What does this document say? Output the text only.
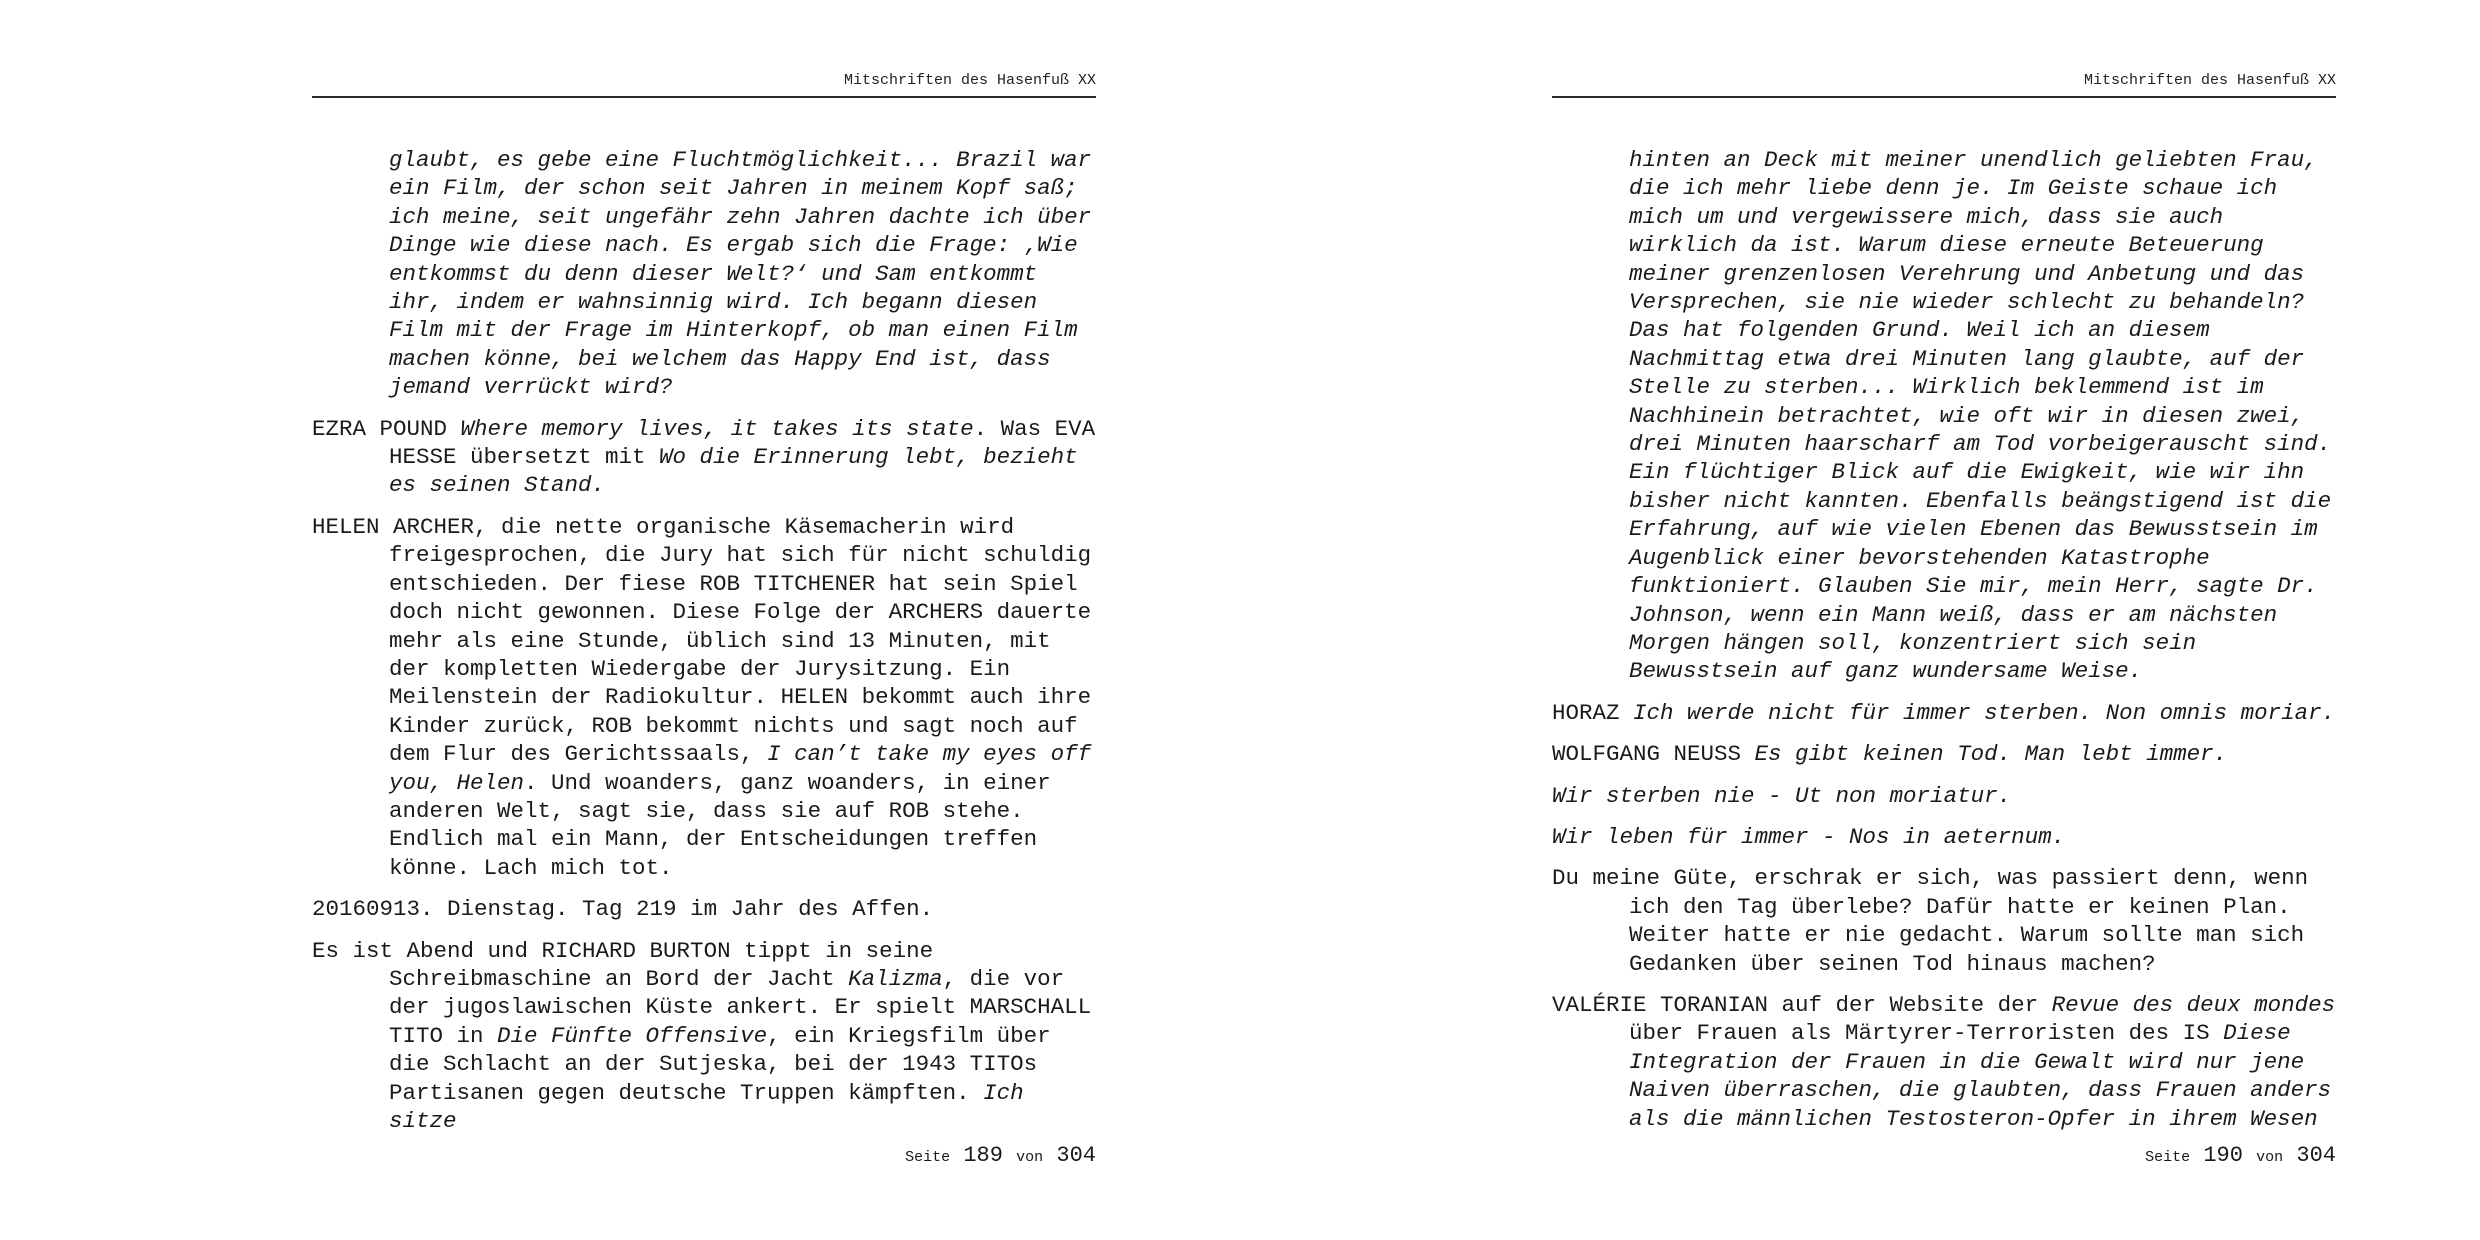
Mitschriften des Hasenfuß XX

glaubt, es gebe eine Fluchtmöglichkeit... Brazil war ein Film, der schon seit Jahren in meinem Kopf saß; ich meine, seit ungefähr zehn Jahren dachte ich über Dinge wie diese nach. Es ergab sich die Frage: ‚Wie entkommst du denn dieser Welt?‘ und Sam entkommt ihr, indem er wahnsinnig wird. Ich begann diesen Film mit der Frage im Hinterkopf, ob man einen Film machen könne, bei welchem das Happy End ist, dass jemand verrückt wird?

EZRA POUND Where memory lives, it takes its state. Was EVA HESSE übersetzt mit Wo die Erinnerung lebt, bezieht es seinen Stand.

HELEN ARCHER, die nette organische Käsemacherin wird freigesprochen, die Jury hat sich für nicht schuldig entschieden. Der fiese ROB TITCHENER hat sein Spiel doch nicht gewonnen. Diese Folge der ARCHERS dauerte mehr als eine Stunde, üblich sind 13 Minuten, mit der kompletten Wiedergabe der Jurysitzung. Ein Meilenstein der Radiokultur. HELEN bekommt auch ihre Kinder zurück, ROB bekommt nichts und sagt noch auf dem Flur des Gerichtssaals, I can’t take my eyes off you, Helen. Und woanders, ganz woanders, in einer anderen Welt, sagt sie, dass sie auf ROB stehe. Endlich mal ein Mann, der Entscheidungen treffen könne. Lach mich tot.

20160913. Dienstag. Tag 219 im Jahr des Affen.

Es ist Abend und RICHARD BURTON tippt in seine Schreibmaschine an Bord der Jacht Kalizma, die vor der jugoslawischen Küste ankert. Er spielt MARSCHALL TITO in Die Fünfte Offensive, ein Kriegsfilm über die Schlacht an der Sutjeska, bei der 1943 TITOs Partisanen gegen deutsche Truppen kämpften. Ich sitze

Seite 189 von 304
Mitschriften des Hasenfuß XX

hinten an Deck mit meiner unendlich geliebten Frau, die ich mehr liebe denn je. Im Geiste schaue ich mich um und vergewissere mich, dass sie auch wirklich da ist. Warum diese erneute Beteuerung meiner grenzenlosen Verehrung und Anbetung und das Versprechen, sie nie wieder schlecht zu behandeln? Das hat folgenden Grund. Weil ich an diesem Nachmittag etwa drei Minuten lang glaubte, auf der Stelle zu sterben... Wirklich beklemmend ist im Nachhinein betrachtet, wie oft wir in diesen zwei, drei Minuten haarscharf am Tod vorbeigerauscht sind. Ein flüchtiger Blick auf die Ewigkeit, wie wir ihn bisher nicht kannten. Ebenfalls beängstigend ist die Erfahrung, auf wie vielen Ebenen das Bewusstsein im Augenblick einer bevorstehenden Katastrophe funktioniert. Glauben Sie mir, mein Herr, sagte Dr. Johnson, wenn ein Mann weiß, dass er am nächsten Morgen hängen soll, konzentriert sich sein Bewusstsein auf ganz wundersame Weise.

HORAZ Ich werde nicht für immer sterben. Non omnis moriar.

WOLFGANG NEUSS Es gibt keinen Tod. Man lebt immer.

Wir sterben nie - Ut non moriatur.

Wir leben für immer - Nos in aeternum.

Du meine Güte, erschrak er sich, was passiert denn, wenn ich den Tag überlebe? Dafür hatte er keinen Plan. Weiter hatte er nie gedacht. Warum sollte man sich Gedanken über seinen Tod hinaus machen?

VALÉRIE TORANIAN auf der Website der Revue des deux mondes über Frauen als Märtyrer-Terroristen des IS Diese Integration der Frauen in die Gewalt wird nur jene Naiven überraschen, die glaubten, dass Frauen anders als die männlichen Testosteron-Opfer in ihrem Wesen

Seite 190 von 304
